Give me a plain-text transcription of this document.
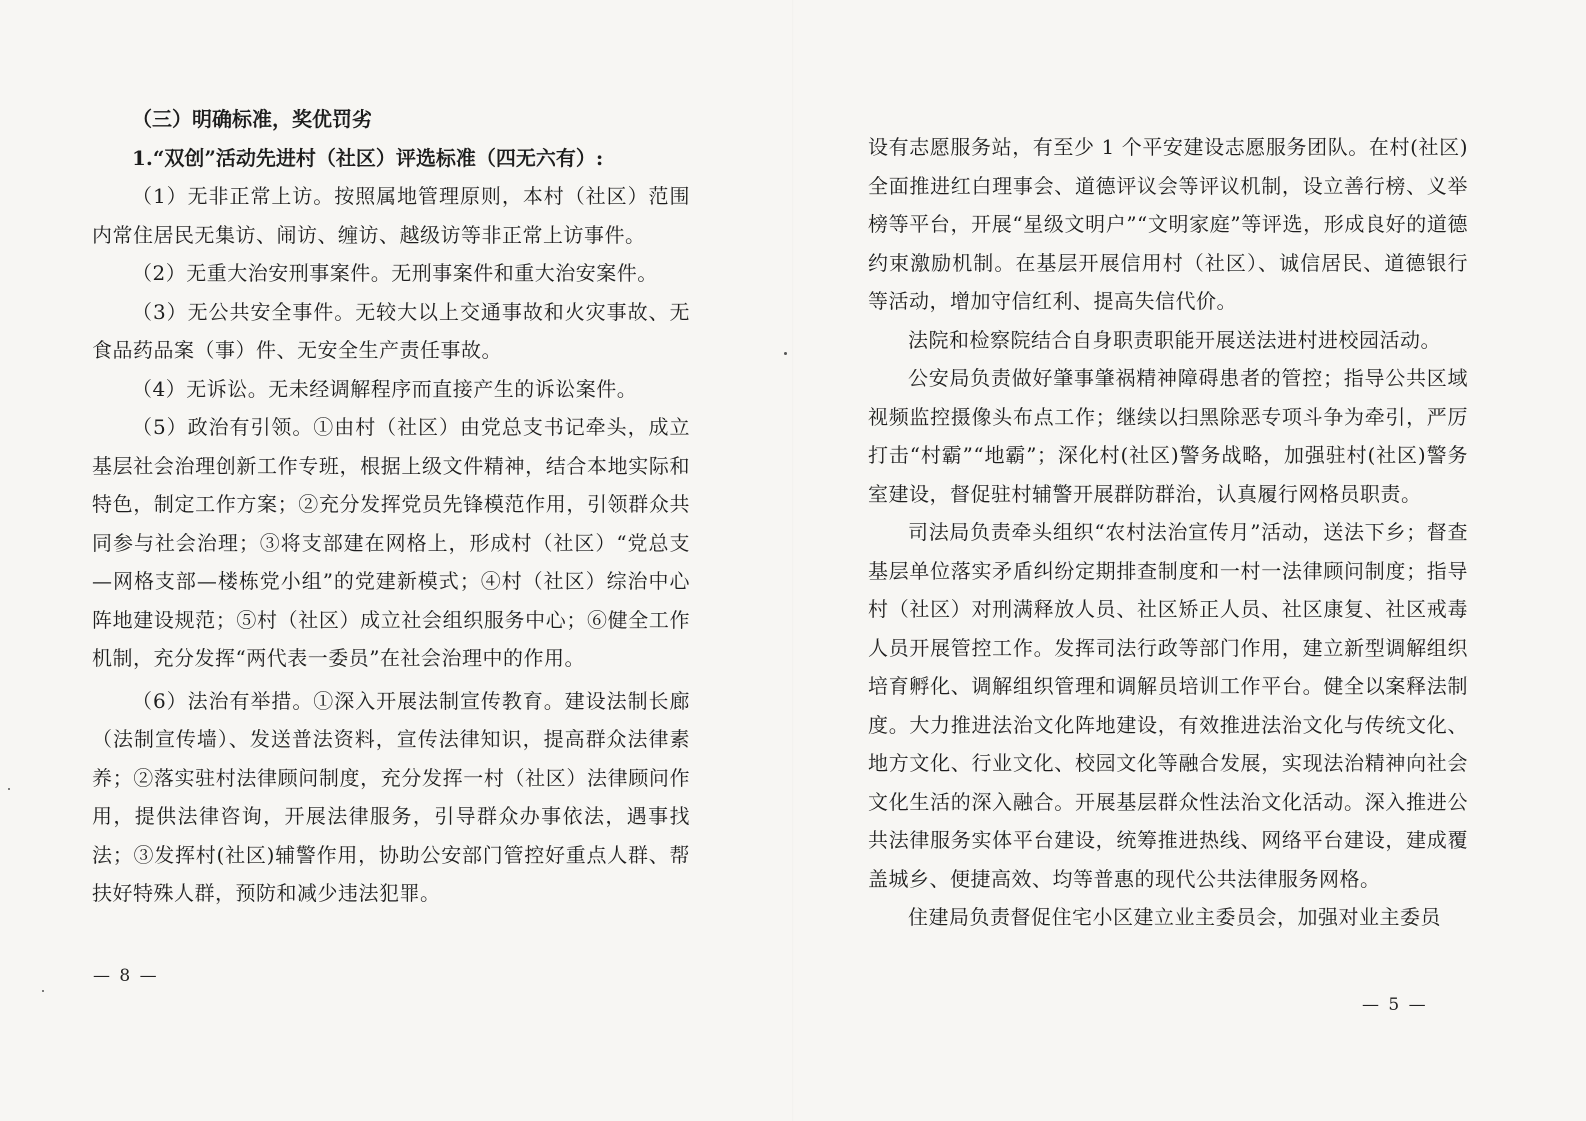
（三）明确标准，奖优罚劣

1.“双创”活动先进村（社区）评选标准（四无六有）:

（1）无非正常上访。按照属地管理原则，本村（社区）范围内常住居民无集访、闹访、缠访、越级访等非正常上访事件。

（2）无重大治安刑事案件。无刑事案件和重大治安案件。

（3）无公共安全事件。无较大以上交通事故和火灾事故、无食品药品案（事）件、无安全生产责任事故。

（4）无诉讼。无未经调解程序而直接产生的诉讼案件。

（5）政治有引领。①由村（社区）由党总支书记牵头，成立基层社会治理创新工作专班，根据上级文件精神，结合本地实际和特色，制定工作方案；②充分发挥党员先锋模范作用，引领群众共同参与社会治理；③将支部建在网格上，形成村（社区）“党总支—网格支部—楼栋党小组”的党建新模式；④村（社区）综治中心阵地建设规范；⑤村（社区）成立社会组织服务中心；⑥健全工作机制，充分发挥“两代表一委员”在社会治理中的作用。

（6）法治有举措。①深入开展法制宣传教育。建设法制长廊（法制宣传墙）、发送普法资料，宣传法律知识，提高群众法律素养；②落实驻村法律顾问制度，充分发挥一村（社区）法律顾问作用，提供法律咨询，开展法律服务，引导群众办事依法，遇事找法；③发挥村(社区)辅警作用，协助公安部门管控好重点人群、帮扶好特殊人群，预防和减少违法犯罪。

— 8 —

设有志愿服务站，有至少 1 个平安建设志愿服务团队。在村(社区)全面推进红白理事会、道德评议会等评议机制，设立善行榜、义举榜等平台，开展“星级文明户”“文明家庭”等评选，形成良好的道德约束激励机制。在基层开展信用村（社区）、诚信居民、道德银行等活动，增加守信红利、提高失信代价。

法院和检察院结合自身职责职能开展送法进村进校园活动。

公安局负责做好肇事肇祸精神障碍患者的管控；指导公共区域视频监控摄像头布点工作；继续以扫黑除恶专项斗争为牵引，严厉打击“村霸”“地霸”；深化村(社区)警务战略，加强驻村(社区)警务室建设，督促驻村辅警开展群防群治，认真履行网格员职责。

司法局负责牵头组织“农村法治宣传月”活动，送法下乡；督查基层单位落实矛盾纠纷定期排查制度和一村一法律顾问制度；指导村（社区）对刑满释放人员、社区矫正人员、社区康复、社区戒毒人员开展管控工作。发挥司法行政等部门作用，建立新型调解组织培育孵化、调解组织管理和调解员培训工作平台。健全以案释法制度。大力推进法治文化阵地建设，有效推进法治文化与传统文化、地方文化、行业文化、校园文化等融合发展，实现法治精神向社会文化生活的深入融合。开展基层群众性法治文化活动。深入推进公共法律服务实体平台建设，统筹推进热线、网络平台建设，建成覆盖城乡、便捷高效、均等普惠的现代公共法律服务网格。

住建局负责督促住宅小区建立业主委员会，加强对业主委员

— 5 —
